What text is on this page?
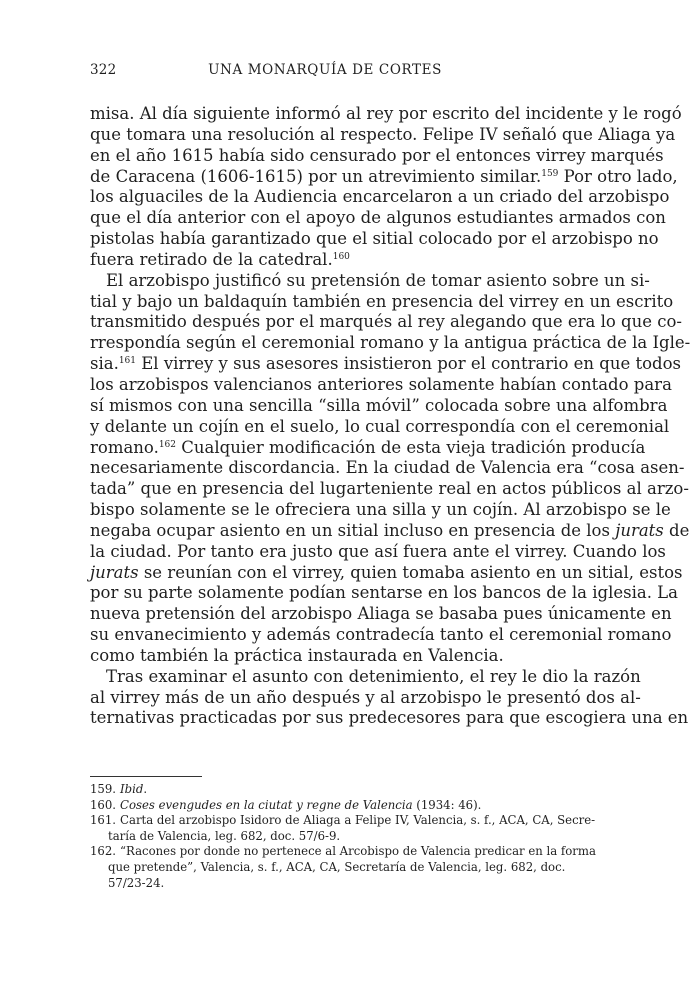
322	UNA MONARQUÍA DE CORTES
misa. Al día siguiente informó al rey por escrito del incidente y le rogó
que tomara una resolución al respecto. Felipe IV señaló que Aliaga ya
en el año 1615 había sido censurado por el entonces virrey marqués
de Caracena (1606-1615) por un atrevimiento similar.$^{159}$ Por otro lado,
los alguaciles de la Audiencia encarcelaron a un criado del arzobispo
que el día anterior con el apoyo de algunos estudiantes armados con
pistolas había garantizado que el sitial colocado por el arzobispo no
fuera retirado de la catedral.$^{160}$
El arzobispo justificó su pretensión de tomar asiento sobre un si-
tial y bajo un baldaquín también en presencia del virrey en un escrito
transmitido después por el marqués al rey alegando que era lo que co-
rrespondía según el ceremonial romano y la antigua práctica de la Igle-
sia.$^{161}$ El virrey y sus asesores insistieron por el contrario en que todos
los arzobispos valencianos anteriores solamente habían contado para
sí mismos con una sencilla “silla móvil” colocada sobre una alfombra
y delante un cojín en el suelo, lo cual correspondía con el ceremonial
romano.$^{162}$ Cualquier modificación de esta vieja tradición producía
necesariamente discordancia. En la ciudad de Valencia era “cosa asen-
tada” que en presencia del lugarteniente real en actos públicos al arzo-
bispo solamente se le ofreciera una silla y un cojín. Al arzobispo se le
negaba ocupar asiento en un sitial incluso en presencia de los jurats de
la ciudad. Por tanto era justo que así fuera ante el virrey. Cuando los
jurats se reunían con el virrey, quien tomaba asiento en un sitial, estos
por su parte solamente podían sentarse en los bancos de la iglesia. La
nueva pretensión del arzobispo Aliaga se basaba pues únicamente en
su envanecimiento y además contradecía tanto el ceremonial romano
como también la práctica instaurada en Valencia.
Tras examinar el asunto con detenimiento, el rey le dio la razón
al virrey más de un año después y al arzobispo le presentó dos al-
ternativas practicadas por sus predecesores para que escogiera una en
159. Ibid.
160. Coses evengudes en la ciutat y regne de Valencia (1934: 46).
161. Carta del arzobispo Isidoro de Aliaga a Felipe IV, Valencia, s. f., ACA, CA, Secre-
taría de Valencia, leg. 682, doc. 57/6-9.
162. “Racones por donde no pertenece al Arcobispo de Valencia predicar en la forma
que pretende”, Valencia, s. f., ACA, CA, Secretaría de Valencia, leg. 682, doc.
57/23-24.
